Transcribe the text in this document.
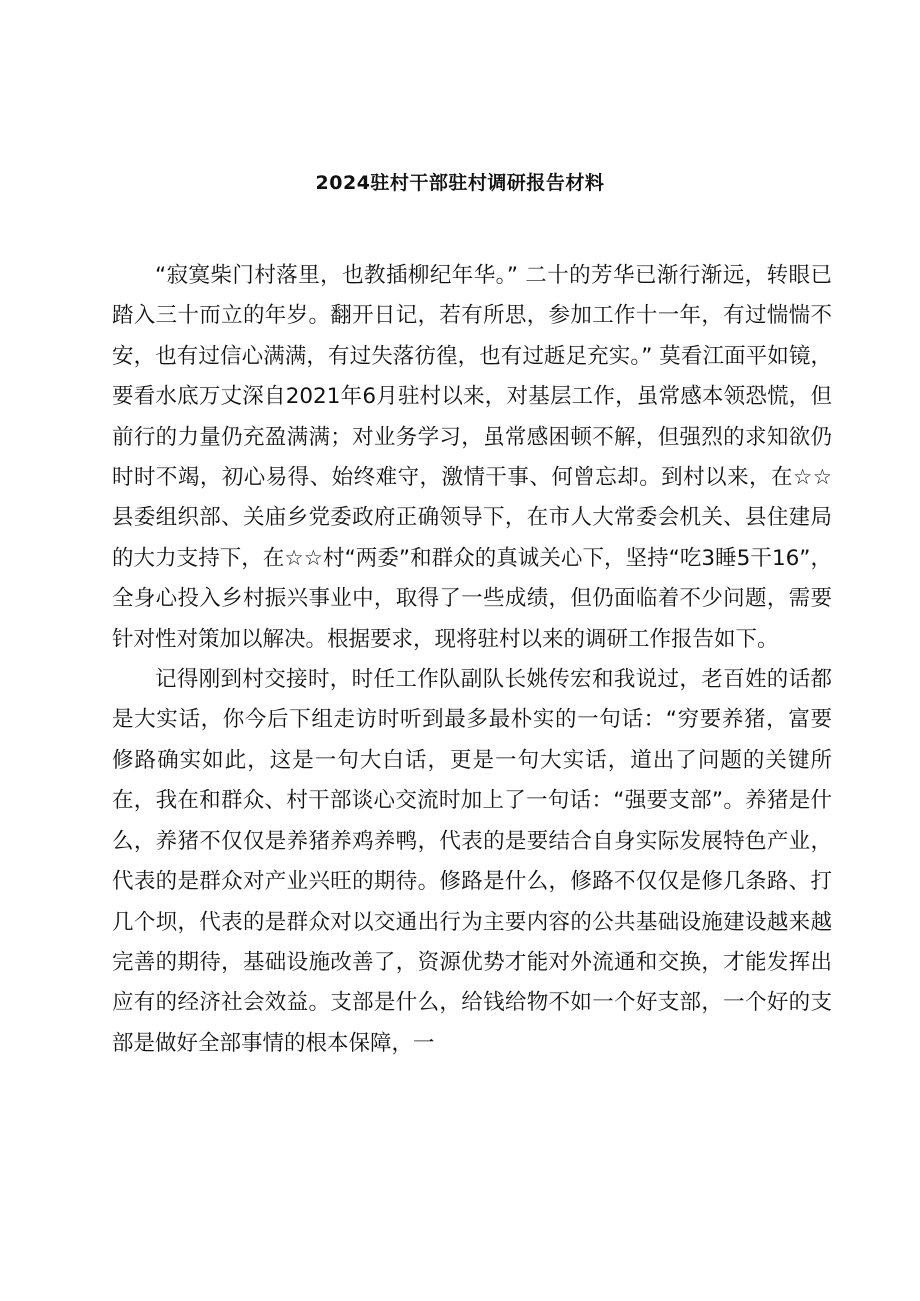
2024驻村干部驻村调研报告材料

“寂寞柴门村落里，也教插柳纪年华。” 二十的芳华已渐行渐远，转眼已踏入三十而立的年岁。翻开日记，若有所思，参加工作十一年，有过惴惴不安，也有过信心满满，有过失落彷徨，也有过䞣足充实。” 莫看江面平如镜，要看水底万丈深自2021年6月驻村以来，对基层工作，虽常感本领恐慌，但前行的力量仍充盈满满；对业务学习，虽常感困顿不解，但强烈的求知欲仍时时不竭，初心易得、始终难守，激情干事、何曾忘却。到村以来，在☆☆县委组织部、关庙乡党委政府正确领导下，在市人大常委会机关、县住建局的大力支持下，在☆☆村“两委”和群众的真诚关心下，坚持“吃3睡5干16”，全身心投入乡村振兴事业中，取得了一些成绩，但仍面临着不少问题，需要针对性对策加以解决。根据要求，现将驻村以来的调研工作报告如下。

记得刚到村交接时，时任工作队副队长姚传宏和我说过，老百姓的话都是大实话，你今后下组走访时听到最多最朴实的一句话：“穷要养猪，富要修路确实如此，这是一句大白话，更是一句大实话，道出了问题的关键所在，我在和群众、村干部谈心交流时加上了一句话：“强要支部”。养猪是什么，养猪不仅仅是养猪养鸡养鸭，代表的是要结合自身实际发展特色产业，代表的是群众对产业兴旺的期待。修路是什么，修路不仅仅是修几条路、打几个坝，代表的是群众对以交通出行为主要内容的公共基础设施建设越来越完善的期待，基础设施改善了，资源优势才能对外流通和交换，才能发挥出应有的经济社会效益。支部是什么，给钱给物不如一个好支部，一个好的支部是做好全部事情的根本保障，一
